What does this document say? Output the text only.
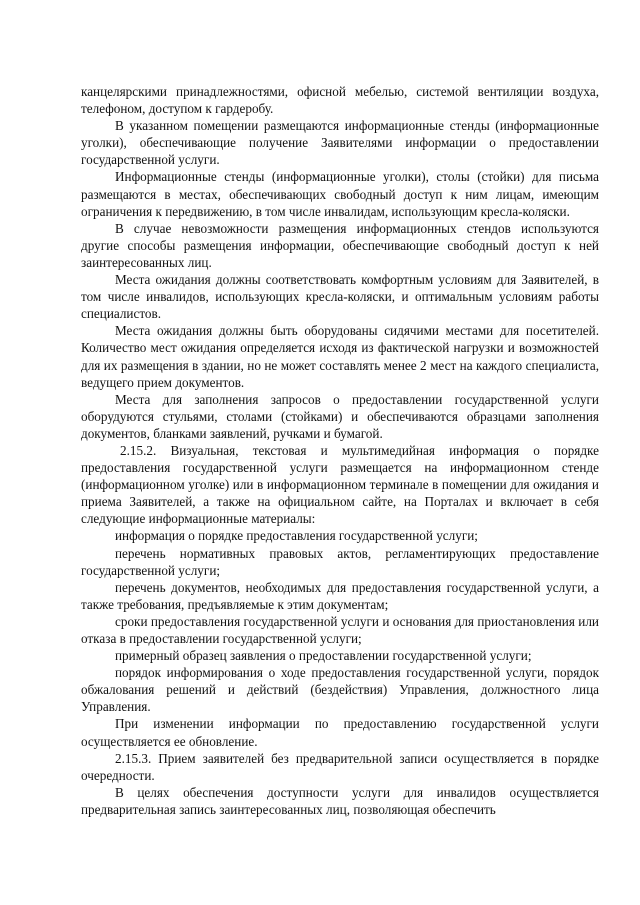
канцелярскими принадлежностями, офисной мебелью, системой вентиляции воздуха, телефоном, доступом к гардеробу.

В указанном помещении размещаются информационные стенды (информационные уголки), обеспечивающие получение Заявителями информации о предоставлении государственной услуги.

Информационные стенды (информационные уголки), столы (стойки) для письма размещаются в местах, обеспечивающих свободный доступ к ним лицам, имеющим ограничения к передвижению, в том числе инвалидам, использующим кресла-коляски.

В случае невозможности размещения информационных стендов используются другие способы размещения информации, обеспечивающие свободный доступ к ней заинтересованных лиц.

Места ожидания должны соответствовать комфортным условиям для Заявителей, в том числе инвалидов, использующих кресла-коляски, и оптимальным условиям работы специалистов.

Места ожидания должны быть оборудованы сидячими местами для посетителей. Количество мест ожидания определяется исходя из фактической нагрузки и возможностей для их размещения в здании, но не может составлять менее 2 мест на каждого специалиста, ведущего прием документов.

Места для заполнения запросов о предоставлении государственной услуги оборудуются стульями, столами (стойками) и обеспечиваются образцами заполнения документов, бланками заявлений, ручками и бумагой.

2.15.2. Визуальная, текстовая и мультимедийная информация о порядке предоставления государственной услуги размещается на информационном стенде (информационном уголке) или в информационном терминале в помещении для ожидания и приема Заявителей, а также на официальном сайте, на Порталах и включает в себя следующие информационные материалы:

информация о порядке предоставления государственной услуги;

перечень нормативных правовых актов, регламентирующих предоставление государственной услуги;

перечень документов, необходимых для предоставления государственной услуги, а также требования, предъявляемые к этим документам;

сроки предоставления государственной услуги и основания для приостановления или отказа в предоставлении государственной услуги;

примерный образец заявления о предоставлении государственной услуги;

порядок информирования о ходе предоставления государственной услуги, порядок обжалования решений и действий (бездействия) Управления, должностного лица Управления.

При изменении информации по предоставлению государственной услуги осуществляется ее обновление.

2.15.3. Прием заявителей без предварительной записи осуществляется в порядке очередности.

В целях обеспечения доступности услуги для инвалидов осуществляется предварительная запись заинтересованных лиц, позволяющая обеспечить
